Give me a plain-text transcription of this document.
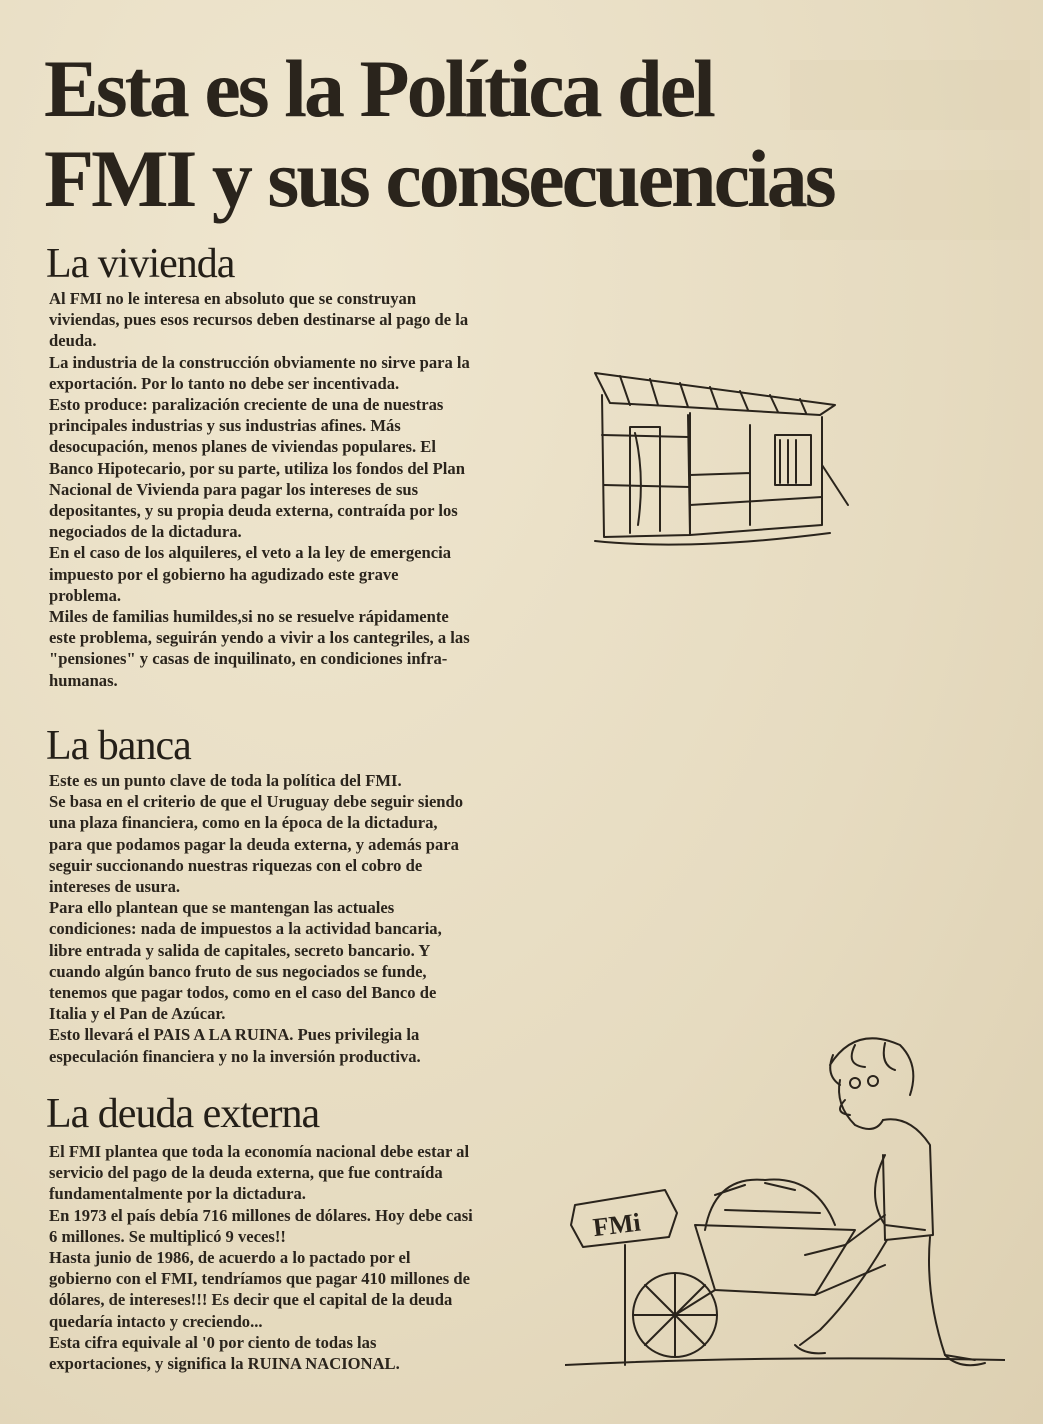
Esta es la Política del
FMI y sus consecuencias
La vivienda

Al FMI no le interesa en absoluto que se construyan
viviendas, pues esos recursos deben destinarse al pago de la
deuda.
La industria de la construcción obviamente no sirve para la
exportación. Por lo tanto no debe ser incentivada.
Esto produce: paralización creciente de una de nuestras
principales industrias y sus industrias afines. Más
desocupación, menos planes de viviendas populares. El
Banco Hipotecario, por su parte, utiliza los fondos del Plan
Nacional de Vivienda para pagar los intereses de sus
depositantes, y su propia deuda externa, contraída por los
negociados de la dictadura.
En el caso de los alquileres, el veto a la ley de emergencia
impuesto por el gobierno ha agudizado este grave
problema.
Miles de familias humildes,si no se resuelve rápidamente
este problema, seguirán yendo a vivir a los cantegriles, a las
"pensiones" y casas de inquilinato, en condiciones infra-
humanas.

La banca

Este es un punto clave de toda la política del FMI.
Se basa en el criterio de que el Uruguay debe seguir siendo
una plaza financiera, como en la época de la dictadura,
para que podamos pagar la deuda externa, y además para
seguir succionando nuestras riquezas con el cobro de
intereses de usura.
Para ello plantean que se mantengan las actuales
condiciones: nada de impuestos a la actividad bancaria,
libre entrada y salida de capitales, secreto bancario. Y
cuando algún banco fruto de sus negociados se funde,
tenemos que pagar todos, como en el caso del Banco de
Italia y el Pan de Azúcar.
Esto llevará el PAIS A LA RUINA. Pues privilegia la
especulación financiera y no la inversión productiva.

La deuda externa

El FMI plantea que toda la economía nacional debe estar al
servicio del pago de la deuda externa, que fue contraída
fundamentalmente por la dictadura.
En 1973 el país debía 716 millones de dólares. Hoy debe casi
6 millones. Se multiplicó 9 veces!!
Hasta junio de 1986, de acuerdo a lo pactado por el
gobierno con el FMI, tendríamos que pagar 410 millones de
dólares, de intereses!!! Es decir que el capital de la deuda
quedaría intacto y creciendo...
Esta cifra equivale al '0 por ciento de todas las
exportaciones, y significa la RUINA NACIONAL.

FMi
